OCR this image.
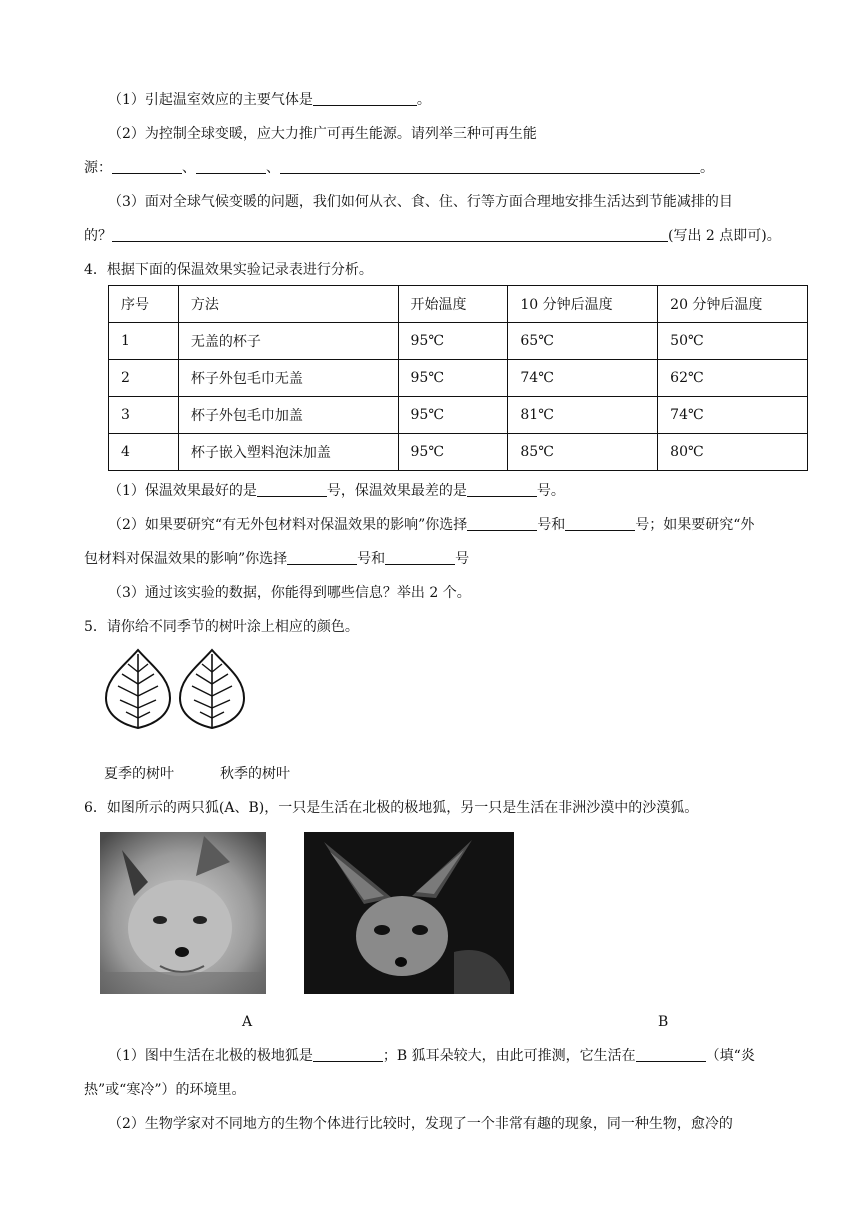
（1）引起温室效应的主要气体是	。
（2）为控制全球变暖，应大力推广可再生能源。请列举三种可再生能
源：	、	、	。
（3）面对全球气候变暖的问题，我们如何从衣、食、住、行等方面合理地安排生活达到节能减排的目
的？	(写出 2 点即可)。
4．根据下面的保温效果实验记录表进行分析。
序号	方法	开始温度	10 分钟后温度	20 分钟后温度
1	无盖的杯子	95℃	65℃	50℃
2	杯子外包毛巾无盖	95℃	74℃	62℃
3	杯子外包毛巾加盖	95℃	81℃	74℃
4	杯子嵌入塑料泡沫加盖	95℃	85℃	80℃
（1）保温效果最好的是	号，保温效果最差的是	号。
（2）如果要研究“有无外包材料对保温效果的影响”你选择	号和	号；如果要研究“外
包材料对保温效果的影响”你选择	号和	号
（3）通过该实验的数据，你能得到哪些信息？举出 2 个。
5．请你给不同季节的树叶涂上相应的颜色。
夏季的树叶	秋季的树叶
6．如图所示的两只狐(A、B)，一只是生活在北极的极地狐，另一只是生活在非洲沙漠中的沙漠狐。
A	B
（1）图中生活在北极的极地狐是	；B 狐耳朵较大，由此可推测，它生活在	（填“炎
热”或“寒冷”）的环境里。
（2）生物学家对不同地方的生物个体进行比较时，发现了一个非常有趣的现象，同一种生物，愈冷的
